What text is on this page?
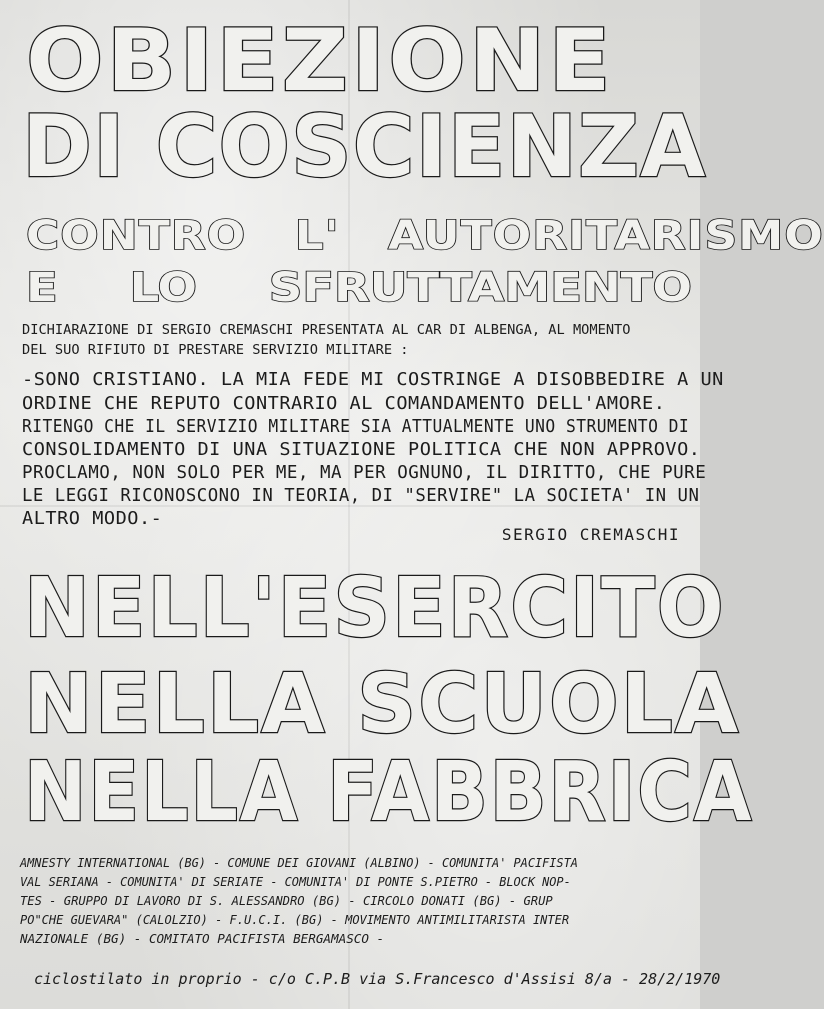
OBIEZIONE
DI COSCIENZA
CONTRO L' AUTORITARISMO
E LO SFRUTTAMENTO
DICHIARAZIONE DI SERGIO CREMASCHI PRESENTATA AL CAR DI ALBENGA, AL MOMENTO
DEL SUO RIFIUTO DI PRESTARE SERVIZIO MILITARE :
-SONO CRISTIANO. LA MIA FEDE MI COSTRINGE A DISOBBEDIRE A UN
ORDINE CHE REPUTO CONTRARIO AL COMANDAMENTO DELL'AMORE.
RITENGO CHE IL SERVIZIO MILITARE SIA ATTUALMENTE UNO STRUMENTO DI
CONSOLIDAMENTO DI UNA SITUAZIONE POLITICA CHE NON APPROVO.
PROCLAMO, NON SOLO PER ME, MA PER OGNUNO, IL DIRITTO, CHE PURE
LE LEGGI RICONOSCONO IN TEORIA, DI "SERVIRE" LA SOCIETA' IN UN
ALTRO MODO.-
SERGIO CREMASCHI
NELL'ESERCITO
NELLA SCUOLA
NELLA FABBRICA
AMNESTY INTERNATIONAL (BG) - COMUNE DEI GIOVANI (ALBINO) - COMUNITA' PACIFISTA
VAL SERIANA - COMUNITA' DI SERIATE - COMUNITA' DI PONTE S.PIETRO - BLOCK NOP-
TES - GRUPPO DI LAVORO DI S. ALESSANDRO (BG) - CIRCOLO DONATI (BG) - GRUP
PO"CHE GUEVARA" (CALOLZIO) - F.U.C.I. (BG) - MOVIMENTO ANTIMILITARISTA INTER
NAZIONALE (BG) - COMITATO PACIFISTA BERGAMASCO -
ciclostilato in proprio - c/o C.P.B via S.Francesco d'Assisi 8/a - 28/2/1970
